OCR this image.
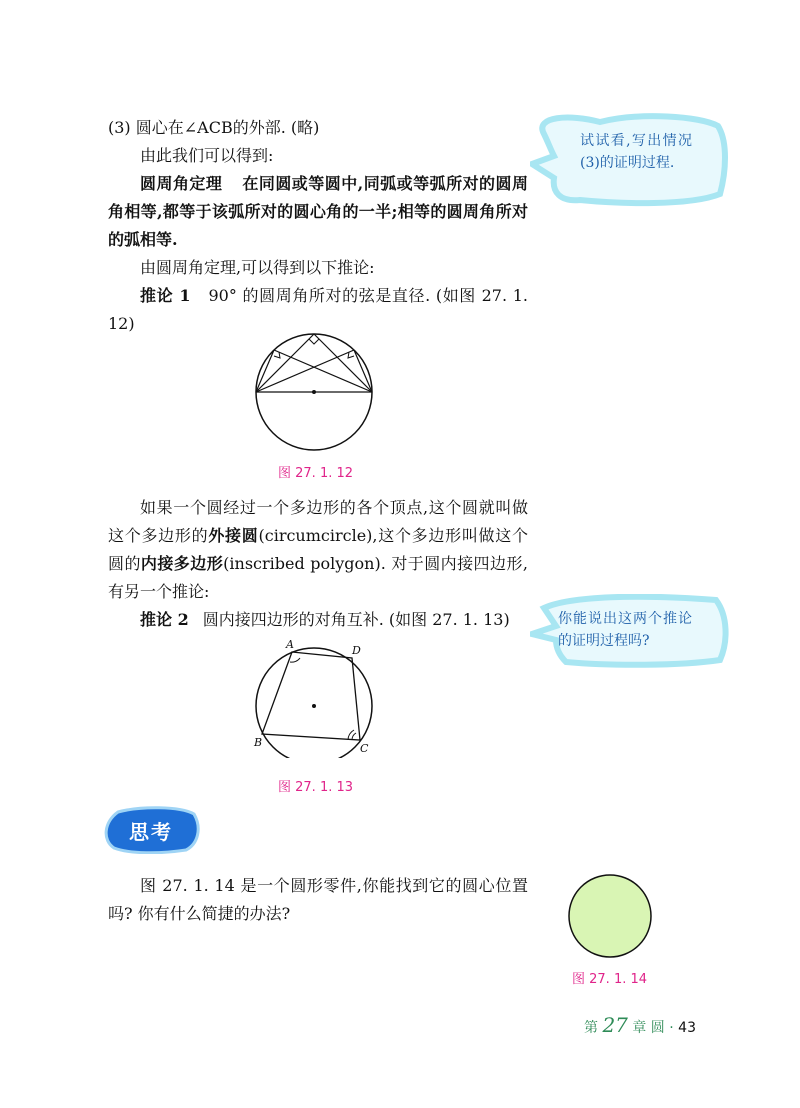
试试看,写出情况(3)的证明过程.
你能说出这两个推论的证明过程吗?
(3) 圆心在∠ACB的外部. (略)
由此我们可以得到:
圆周角定理 在同圆或等圆中,同弧或等弧所对的圆周角相等,都等于该弧所对的圆心角的一半;相等的圆周角所对的弧相等.
由圆周角定理,可以得到以下推论:
推论 1 90° 的圆周角所对的弦是直径. (如图 27. 1. 12)
如果一个圆经过一个多边形的各个顶点,这个圆就叫做这个多边形的外接圆(circumcircle),这个多边形叫做这个圆的内接多边形(inscribed polygon). 对于圆内接四边形,有另一个推论:
推论 2 圆内接四边形的对角互补. (如图 27. 1. 13)
图 27. 1. 14 是一个圆形零件,你能找到它的圆心位置吗? 你有什么简捷的办法?
图 27. 1. 12
A	D
B	C
图 27. 1. 13
思考
图 27. 1. 14
第 27 章 圆 · 43
